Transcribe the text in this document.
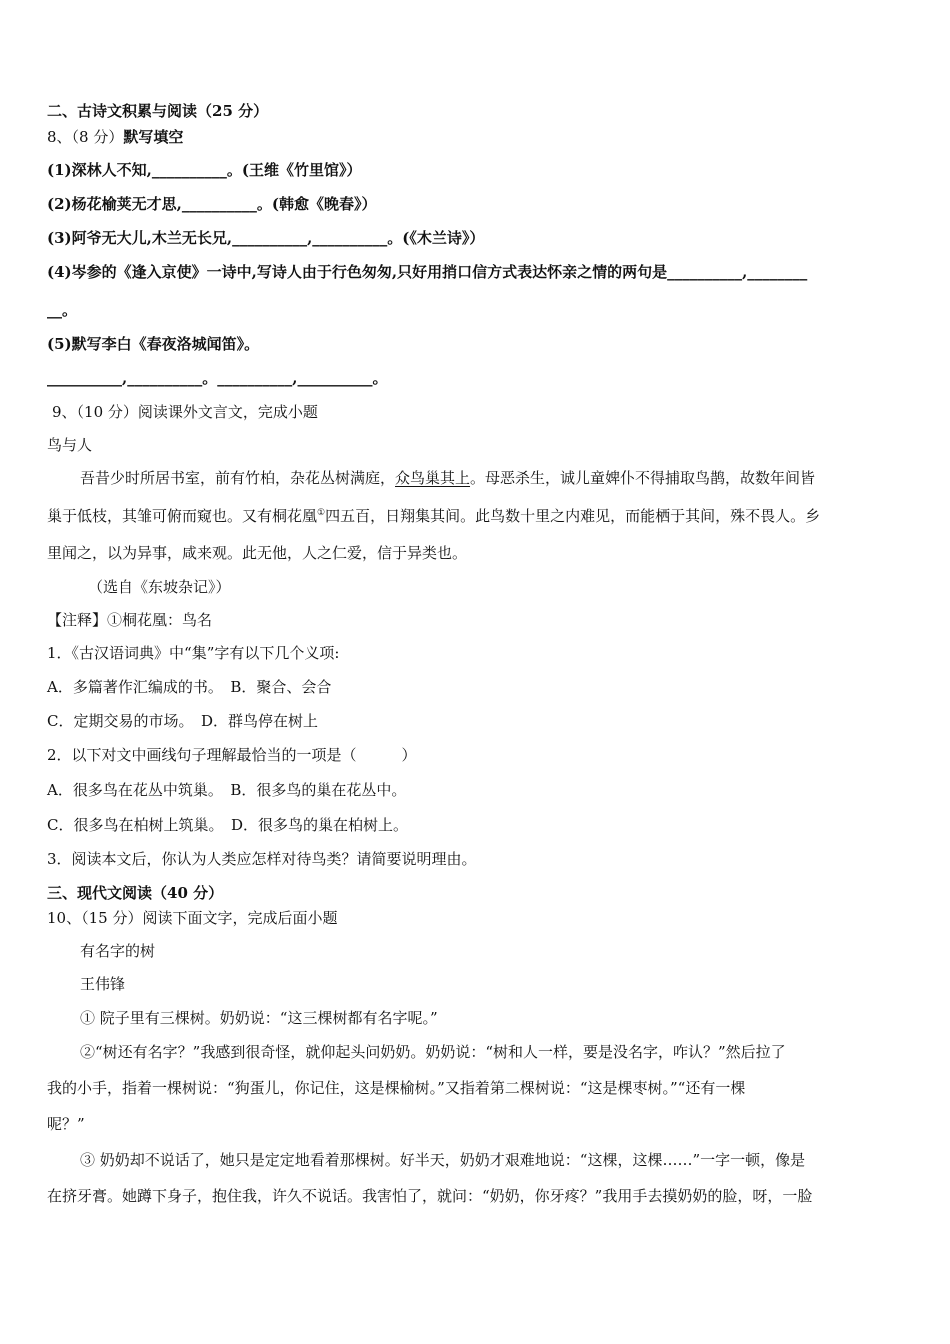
二、古诗文积累与阅读（25 分）
8、（8 分）默写填空
(1)深林人不知,__________。(王维《竹里馆》）
(2)杨花榆荚无才思,__________。(韩愈《晚春》）
(3)阿爷无大儿,木兰无长兄,__________,__________。(《木兰诗》）
(4)岑参的《逢入京使》一诗中,写诗人由于行色匆匆,只好用捎口信方式表达怀亲之情的两句是__________,________
__。
(5)默写李白《春夜洛城闻笛》。
__________,__________。__________,__________。
9、（10 分）阅读课外文言文，完成小题
鸟与人
吾昔少时所居书室，前有竹柏，杂花丛树满庭，众鸟巢其上。母恶杀生，诚儿童婢仆不得捕取鸟鹊，故数年间皆
巢于低枝，其雏可俯而窥也。又有桐花凰①四五百，日翔集其间。此鸟数十里之内难见，而能栖于其间，殊不畏人。乡
里闻之，以为异事，咸来观。此无他，人之仁爱，信于异类也。
（选自《东坡杂记》）
【注释】①桐花凰：鸟名
1．《古汉语词典》中“集”字有以下几个义项:
A．多篇著作汇编成的书。　B．聚合、会合
C．定期交易的市场。　D．群鸟停在树上
2．以下对文中画线句子理解最恰当的一项是（　　　）
A．很多鸟在花丛中筑巢。　B．很多鸟的巢在花丛中。
C．很多鸟在柏树上筑巢。　D．很多鸟的巢在柏树上。
3．阅读本文后，你认为人类应怎样对待鸟类？请简要说明理由。
三、现代文阅读（40 分）
10、（15 分）阅读下面文字，完成后面小题
有名字的树
王伟锋
① 院子里有三棵树。奶奶说：“这三棵树都有名字呢。”
②“树还有名字？”我感到很奇怪，就仰起头问奶奶。奶奶说：“树和人一样，要是没名字，咋认？”然后拉了
我的小手，指着一棵树说：“狗蛋儿，你记住，这是棵榆树。”又指着第二棵树说：“这是棵枣树。”“还有一棵
呢？”
③ 奶奶却不说话了，她只是定定地看着那棵树。好半天，奶奶才艰难地说：“这棵，这棵……”一字一顿，像是
在挤牙膏。她蹲下身子，抱住我，许久不说话。我害怕了，就问：“奶奶，你牙疼？”我用手去摸奶奶的脸，呀，一脸
